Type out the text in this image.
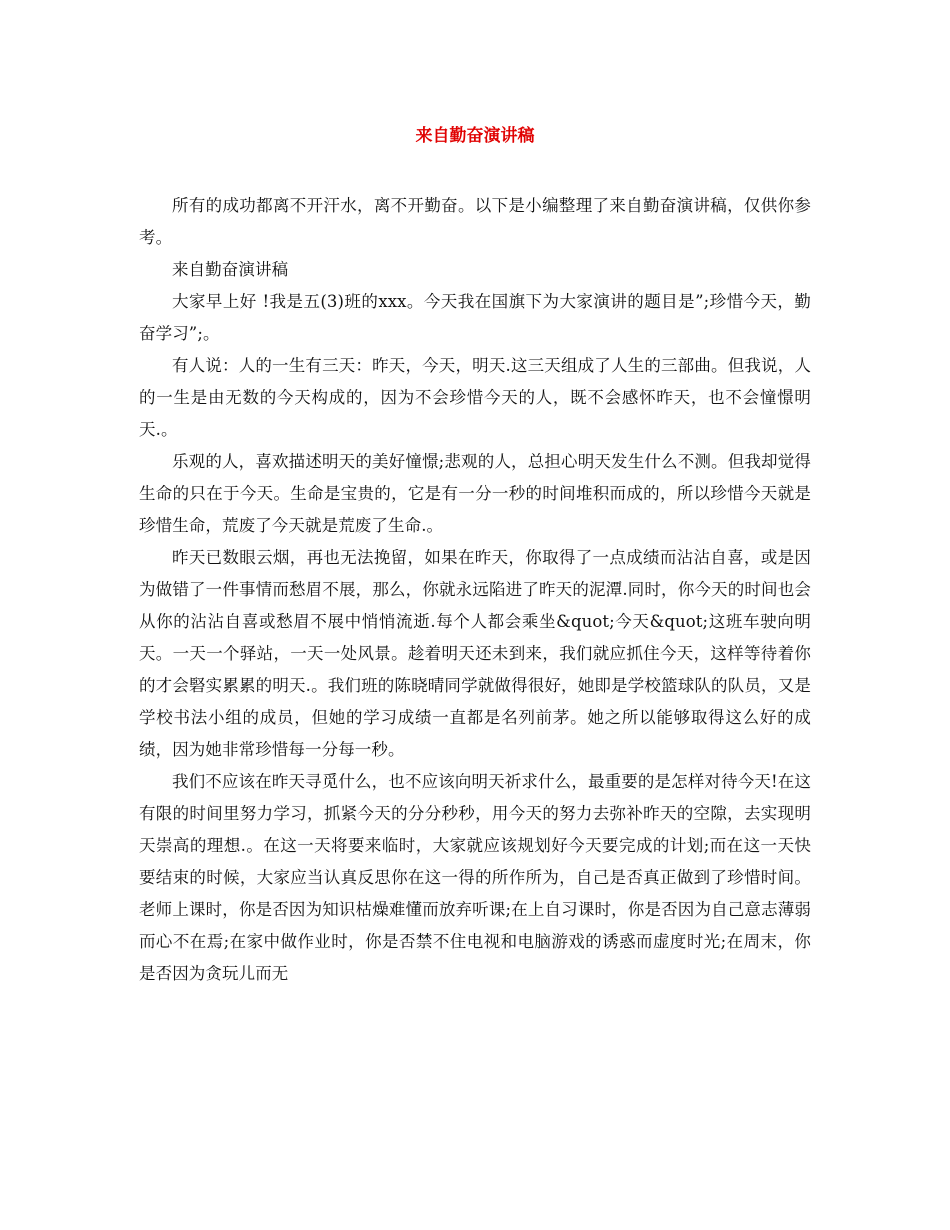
来自勤奋演讲稿

所有的成功都离不开汗水，离不开勤奋。以下是小编整理了来自勤奋演讲稿，仅供你参考。

来自勤奋演讲稿

大家早上好 !我是五(3)班的xxx。今天我在国旗下为大家演讲的题目是”;珍惜今天，勤奋学习”;。

有人说：人的一生有三天：昨天，今天，明天.这三天组成了人生的三部曲。但我说，人的一生是由无数的今天构成的，因为不会珍惜今天的人，既不会感怀昨天，也不会憧憬明天.。

乐观的人，喜欢描述明天的美好憧憬;悲观的人，总担心明天发生什么不测。但我却觉得生命的只在于今天。生命是宝贵的，它是有一分一秒的时间堆积而成的，所以珍惜今天就是珍惜生命，荒废了今天就是荒废了生命.。

昨天已数眼云烟，再也无法挽留，如果在昨天，你取得了一点成绩而沾沾自喜，或是因为做错了一件事情而愁眉不展，那么，你就永远陷进了昨天的泥潭.同时，你今天的时间也会从你的沾沾自喜或愁眉不展中悄悄流逝.每个人都会乘坐&quot;今天&quot;这班车驶向明天。一天一个驿站，一天一处风景。趁着明天还未到来，我们就应抓住今天，这样等待着你的才会硻实累累的明天.。我们班的陈晓晴同学就做得很好，她即是学校篮球队的队员，又是学校书法小组的成员，但她的学习成绩一直都是名列前茅。她之所以能够取得这么好的成绩，因为她非常珍惜每一分每一秒。

我们不应该在昨天寻觅什么，也不应该向明天祈求什么，最重要的是怎样对待今天!在这有限的时间里努力学习，抓紧今天的分分秒秒，用今天的努力去弥补昨天的空隙，去实现明天崇高的理想.。在这一天将要来临时，大家就应该规划好今天要完成的计划;而在这一天快要结束的时候，大家应当认真反思你在这一得的所作所为，自己是否真正做到了珍惜时间。老师上课时，你是否因为知识枯燥难懂而放弃听课;在上自习课时，你是否因为自己意志薄弱而心不在焉;在家中做作业时，你是否禁不住电视和电脑游戏的诱惑而虚度时光;在周末，你是否因为贪玩儿而无
